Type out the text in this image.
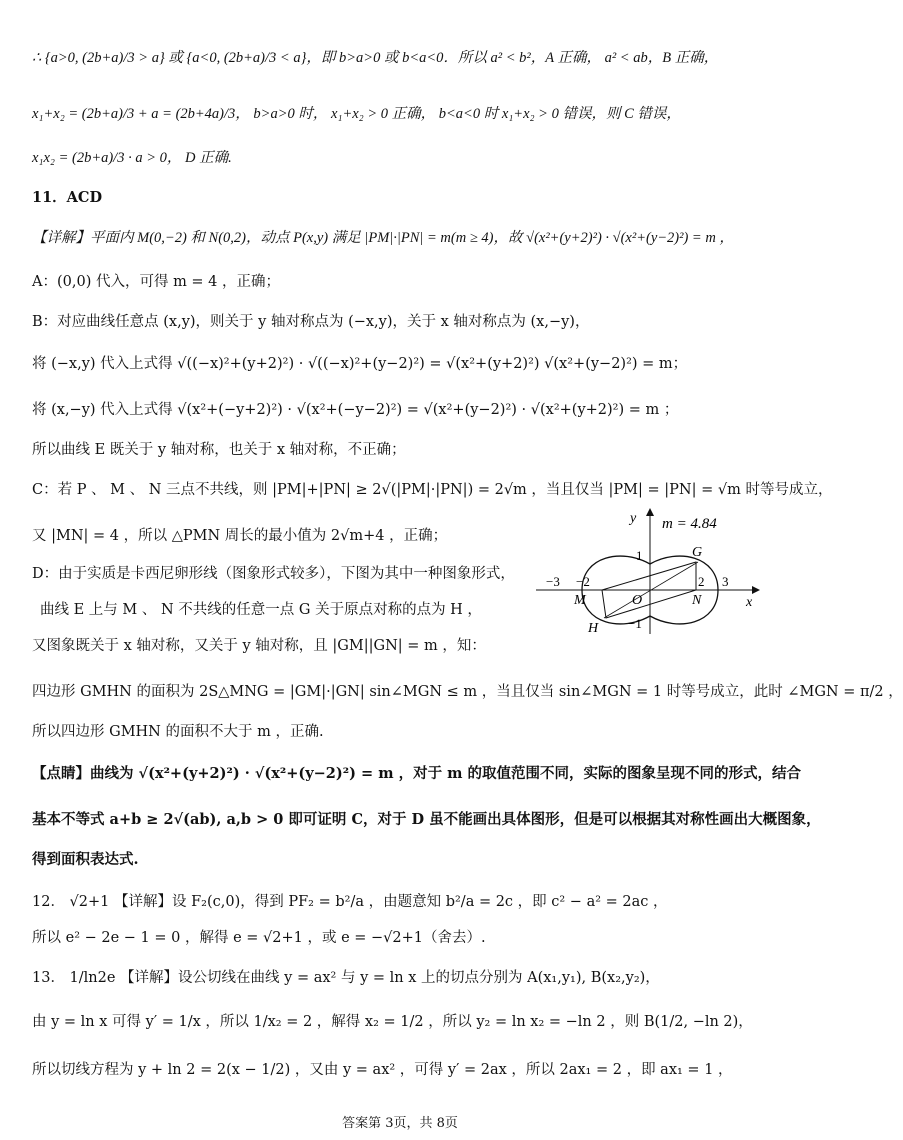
∴ {a>0, (2b+a)/3 > a} 或 {a<0, (2b+a)/3 < a}，即 b>a>0 或 b<a<0．所以 a² < b²，A 正确， a² < ab，B 正确，
x₁+x₂ = (2b+a)/3 + a = (2b+4a)/3， b>a>0 时， x₁+x₂ > 0 正确， b<a<0 时 x₁+x₂ > 0 错误，则 C 错误，
x₁x₂ = (2b+a)/3 · a > 0， D 正确.
11．ACD
【详解】平面内 M(0,−2) 和 N(0,2)，动点 P(x,y) 满足 |PM|·|PN| = m(m ≥ 4)，故 √(x²+(y+2)²) · √(x²+(y−2)²) = m ，
A：(0,0) 代入，可得 m = 4 ，正确；
B：对应曲线任意点 (x,y)，则关于 y 轴对称点为 (−x,y)，关于 x 轴对称点为 (x,−y)，
将 (−x,y) 代入上式得 √((−x)²+(y+2)²) · √((−x)²+(y−2)²) = √(x²+(y+2)²) √(x²+(y−2)²) = m；
将 (x,−y) 代入上式得 √(x²+(−y+2)²) · √(x²+(−y−2)²) = √(x²+(y−2)²) · √(x²+(y+2)²) = m ；
所以曲线 E 既关于 y 轴对称，也关于 x 轴对称，不正确；
C：若 P 、 M 、 N 三点不共线，则 |PM|+|PN| ≥ 2√(|PM|·|PN|) = 2√m ，当且仅当 |PM| = |PN| = √m 时等号成立，
又 |MN| = 4 ，所以 △PMN 周长的最小值为 2√m+4 ，正确；
D：由于实质是卡西尼卵形线（图象形式较多），下图为其中一种图象形式，
曲线 E 上与 M 、 N 不共线的任意一点 G 关于原点对称的点为 H ，
又图象既关于 x 轴对称，又关于 y 轴对称，且 |GM||GN| = m ，知：
四边形 GMHN 的面积为 2S△MNG = |GM|·|GN| sin∠MGN ≤ m ，当且仅当 sin∠MGN = 1 时等号成立，此时 ∠MGN = π/2 ，
所以四边形 GMHN 的面积不大于 m ，正确.
【点睛】曲线为 √(x²+(y+2)²) · √(x²+(y−2)²) = m ，对于 m 的取值范围不同，实际的图象呈现不同的形式，结合
基本不等式 a+b ≥ 2√(ab), a,b > 0 即可证明 C，对于 D 虽不能画出具体图形，但是可以根据其对称性画出大概图象，
得到面积表达式.
12． √2+1 【详解】设 F₂(c,0)，得到 PF₂ = b²/a ，由题意知 b²/a = 2c ，即 c² − a² = 2ac ，
所以 e² − 2e − 1 = 0 ，解得 e = √2+1 ，或 e = −√2+1（舍去）.
13． 1/ln2e 【详解】设公切线在曲线 y = ax² 与 y = ln x 上的切点分别为 A(x₁,y₁), B(x₂,y₂)，
由 y = ln x 可得 y′ = 1/x ，所以 1/x₂ = 2 ，解得 x₂ = 1/2 ，所以 y₂ = ln x₂ = −ln 2 ，则 B(1/2, −ln 2)，
所以切线方程为 y + ln 2 = 2(x − 1/2) ，又由 y = ax² ，可得 y′ = 2ax ，所以 2ax₁ = 2 ，即 ax₁ = 1 ，
m = 4.84
y
x
O
G
M	N
H
−3 −2	2 3
1
−1
答案第 3页，共 8页
